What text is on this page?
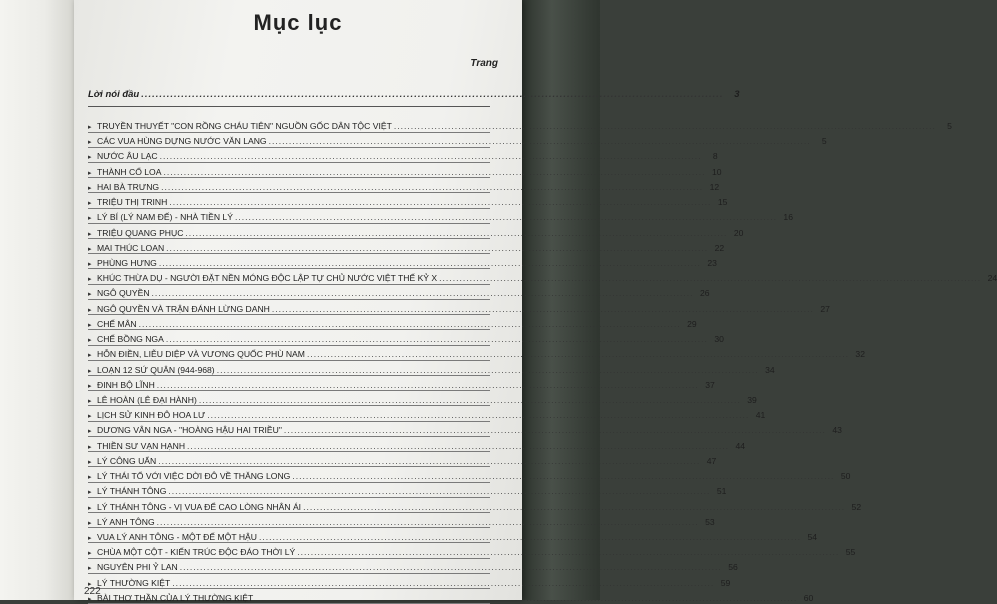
Mục lục
Trang
Lời nói đầu ................................................................................................................................................................	3
▸ TRUYỀN THUYẾT "CON RỒNG CHÁU TIÊN" NGUỒN GỐC DÂN TỘC VIỆT ................................................................................................................................................................	5
▸ CÁC VUA HÙNG DỰNG NƯỚC VĂN LANG ................................................................................................................................................................	5
▸ NƯỚC ÂU LẠC ................................................................................................................................................................	8
▸ THÀNH CỔ LOA ................................................................................................................................................................ 10
▸ HAI BÀ TRƯNG ................................................................................................................................................................ 12
▸ TRIỆU THỊ TRINH ................................................................................................................................................................ 15
▸ LÝ BÍ (LÝ NAM ĐẾ) - NHÀ TIỀN LÝ ................................................................................................................................................................ 16
▸ TRIỆU QUANG PHỤC ................................................................................................................................................................ 20
▸ MAI THÚC LOAN ................................................................................................................................................................ 22
▸ PHÙNG HƯNG ................................................................................................................................................................ 23
▸ KHÚC THỪA DỤ - NGƯỜI ĐẶT NỀN MÓNG ĐỘC LẬP TỰ CHỦ NƯỚC VIỆT THẾ KỶ X ................................................................................................................................................................ 24
▸ NGÔ QUYỀN ................................................................................................................................................................ 26
▸ NGÔ QUYỀN VÀ TRẬN ĐÁNH LỪNG DANH ................................................................................................................................................................ 27
▸ CHẾ MÂN ................................................................................................................................................................ 29
▸ CHẾ BỒNG NGA ................................................................................................................................................................ 30
▸ HỖN ĐIỀN, LIỄU DIỆP VÀ VƯƠNG QUỐC PHÙ NAM ................................................................................................................................................................ 32
▸ LOẠN 12 SỨ QUÂN (944-968) ................................................................................................................................................................ 34
▸ ĐINH BỘ LĨNH ................................................................................................................................................................ 37
▸ LÊ HOÀN (LÊ ĐẠI HÀNH) ................................................................................................................................................................ 39
▸ LỊCH SỬ KINH ĐÔ HOA LƯ ................................................................................................................................................................ 41
▸ DƯƠNG VÂN NGA - "HOÀNG HẬU HAI TRIỀU" ................................................................................................................................................................ 43
▸ THIỀN SƯ VẠN HẠNH ................................................................................................................................................................ 44
▸ LÝ CÔNG UẨN ................................................................................................................................................................ 47
▸ LÝ THÁI TỔ VỚI VIỆC DỜI ĐÔ VỀ THĂNG LONG ................................................................................................................................................................ 50
▸ LÝ THÁNH TÔNG ................................................................................................................................................................ 51
▸ LÝ THÁNH TÔNG - VỊ VUA ĐỂ CAO LÒNG NHÂN ÁI ................................................................................................................................................................ 52
▸ LÝ ANH TÔNG ................................................................................................................................................................ 53
▸ VUA LÝ ANH TÔNG - MỘT ĐẾ MỘT HẬU ................................................................................................................................................................ 54
▸ CHÙA MỘT CỘT - KIẾN TRÚC ĐỘC ĐÁO THỜI LÝ ................................................................................................................................................................ 55
▸ NGUYÊN PHI Ỷ LAN ................................................................................................................................................................ 56
▸ LÝ THƯỜNG KIỆT ................................................................................................................................................................ 59
▸ BÀI THƠ THẦN CỦA LÝ THƯỜNG KIỆT ................................................................................................................................................................ 60
222
